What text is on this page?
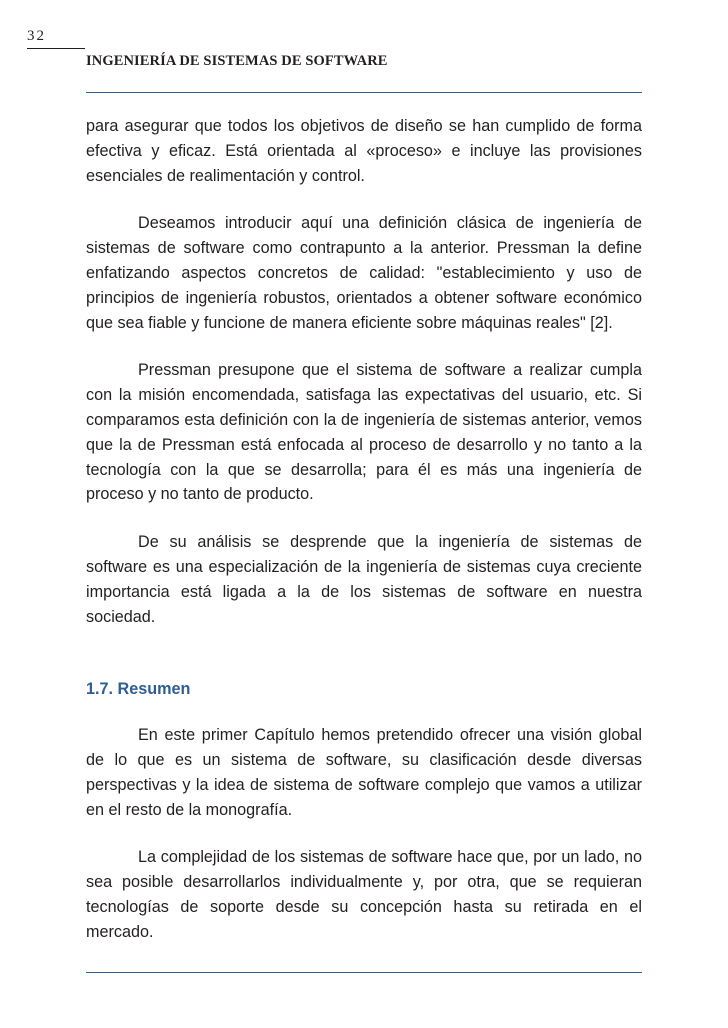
32
INGENIERÍA DE SISTEMAS DE SOFTWARE

para asegurar que todos los objetivos de diseño se han cumplido de forma efectiva y eficaz. Está orientada al «proceso» e incluye las provisiones esenciales de realimentación y control.

Deseamos introducir aquí una definición clásica de ingeniería de sistemas de software como contrapunto a la anterior. Pressman la define enfatizando aspectos concretos de calidad: "establecimiento y uso de principios de ingeniería robustos, orientados a obtener software económico que sea fiable y funcione de manera eficiente sobre máquinas reales" [2].

Pressman presupone que el sistema de software a realizar cumpla con la misión encomendada, satisfaga las expectativas del usuario, etc. Si comparamos esta definición con la de ingeniería de sistemas anterior, vemos que la de Pressman está enfocada al proceso de desarrollo y no tanto a la tecnología con la que se desarrolla; para él es más una ingeniería de proceso y no tanto de producto.

De su análisis se desprende que la ingeniería de sistemas de software es una especialización de la ingeniería de sistemas cuya creciente importancia está ligada a la de los sistemas de software en nuestra sociedad.

1.7. Resumen

En este primer Capítulo hemos pretendido ofrecer una visión global de lo que es un sistema de software, su clasificación desde diversas perspectivas y la idea de sistema de software complejo que vamos a utilizar en el resto de la monografía.

La complejidad de los sistemas de software hace que, por un lado, no sea posible desarrollarlos individualmente y, por otra, que se requieran tecnologías de soporte desde su concepción hasta su retirada en el mercado.
